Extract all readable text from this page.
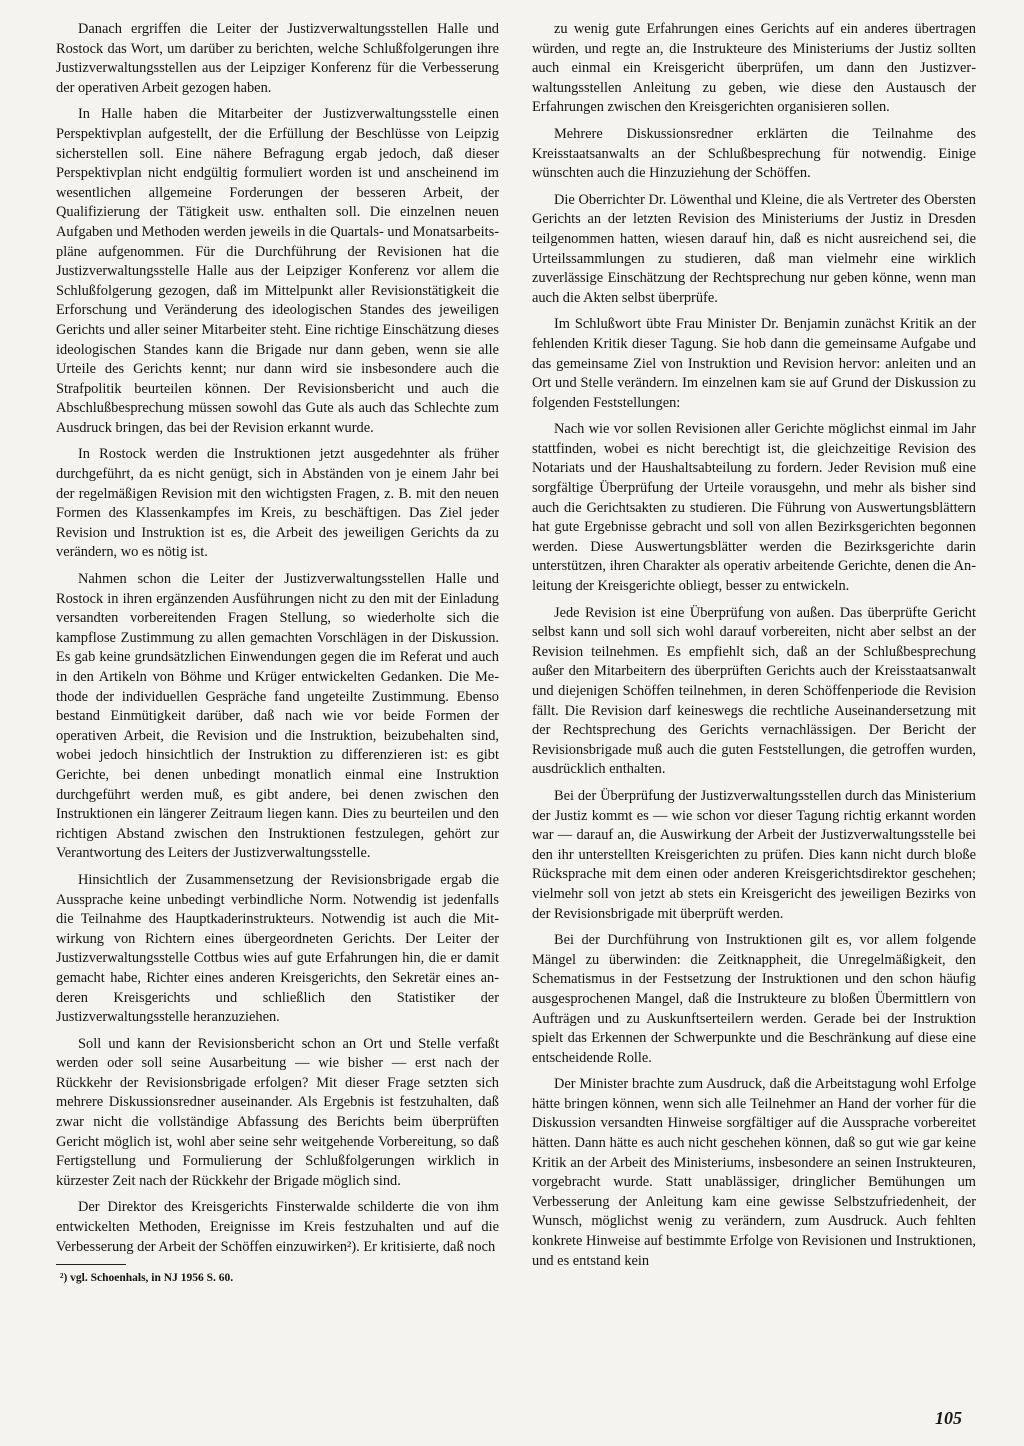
Danach ergriffen die Leiter der Justizverwaltungsstellen Halle und Rostock das Wort, um darüber zu berichten, welche Schlußfolgerungen ihre Justizverwaltungsstellen aus der Leipziger Konferenz für die Verbesserung der operativen Arbeit gezogen haben.

In Halle haben die Mitarbeiter der Justizverwaltungsstelle einen Perspektivplan aufgestellt, der die Erfüllung der Beschlüsse von Leipzig sicherstellen soll. Eine nähere Befragung ergab jedoch, daß dieser Perspektivplan nicht endgültig formuliert worden ist und anscheinend im wesentlichen allgemeine Forderungen der besseren Arbeit, der Qualifizierung der Tätigkeit usw. enthalten soll. Die einzelnen neuen Aufgaben und Methoden werden jeweils in die Quartals- und Monatsarbeitspläne aufgenommen. Für die Durchführung der Revisionen hat die Justizverwaltungsstelle Halle aus der Leipziger Konferenz vor allem die Schlußfolgerung gezogen, daß im Mittelpunkt aller Revisionstätigkeit die Erforschung und Veränderung des ideologischen Standes des jeweiligen Gerichts und aller seiner Mitarbeiter steht. Eine richtige Einschätzung dieses ideologischen Standes kann die Brigade nur dann geben, wenn sie alle Urteile des Gerichts kennt; nur dann wird sie insbesondere auch die Strafpolitik beurteilen können. Der Revisionsbericht und auch die Abschlußbesprechung müssen sowohl das Gute als auch das Schlechte zum Ausdruck bringen, das bei der Revision erkannt wurde.

In Rostock werden die Instruktionen jetzt ausgedehnter als früher durchgeführt, da es nicht genügt, sich in Abständen von je einem Jahr bei der regelmäßigen Revision mit den wichtigsten Fragen, z. B. mit den neuen Formen des Klassenkampfes im Kreis, zu beschäftigen. Das Ziel jeder Revision und Instruktion ist es, die Arbeit des jeweiligen Gerichts da zu verändern, wo es nötig ist.

Nahmen schon die Leiter der Justizverwaltungsstellen Halle und Rostock in ihren ergänzenden Ausführungen nicht zu den mit der Einladung versandten vorbereitenden Fragen Stellung, so wiederholte sich die kampflose Zustimmung zu allen gemachten Vorschlägen in der Diskussion. Es gab keine grundsätzlichen Einwendungen gegen die im Referat und auch in den Artikeln von Böhme und Krüger entwickelten Gedanken. Die Methode der individuellen Gespräche fand ungeteilte Zustimmung. Ebenso bestand Einmütigkeit darüber, daß nach wie vor beide Formen der operativen Arbeit, die Revision und die Instruktion, beizubehalten sind, wobei jedoch hinsichtlich der Instruktion zu differenzieren ist: es gibt Gerichte, bei denen unbedingt monatlich einmal eine Instruktion durchgeführt werden muß, es gibt andere, bei denen zwischen den Instruktionen ein längerer Zeitraum liegen kann. Dies zu beurteilen und den richtigen Abstand zwischen den Instruktionen festzulegen, gehört zur Verantwortung des Leiters der Justizverwaltungsstelle.

Hinsichtlich der Zusammensetzung der Revisionsbrigade ergab die Aussprache keine unbedingt verbindliche Norm. Notwendig ist jedenfalls die Teilnahme des Hauptkaderinstrukteurs. Notwendig ist auch die Mitwirkung von Richtern eines übergeordneten Gerichts. Der Leiter der Justizverwaltungsstelle Cottbus wies auf gute Erfahrungen hin, die er damit gemacht habe, Richter eines anderen Kreisgerichts, den Sekretär eines anderen Kreisgerichts und schließlich den Statistiker der Justizverwaltungsstelle heranzuziehen.

Soll und kann der Revisionsbericht schon an Ort und Stelle verfaßt werden oder soll seine Ausarbeitung — wie bisher — erst nach der Rückkehr der Revisionsbrigade erfolgen? Mit dieser Frage setzten sich mehrere Diskussionsredner auseinander. Als Ergebnis ist festzuhalten, daß zwar nicht die vollständige Abfassung des Berichts beim überprüften Gericht möglich ist, wohl aber seine sehr weitgehende Vorbereitung, so daß Fertigstellung und Formulierung der Schlußfolgerungen wirklich in kürzester Zeit nach der Rückkehr der Brigade möglich sind.

Der Direktor des Kreisgerichts Finsterwalde schilderte die von ihm entwickelten Methoden, Ereignisse im Kreis festzuhalten und auf die Verbesserung der Arbeit der Schöffen einzuwirken²). Er kritisierte, daß noch

²) vgl. Schoenhals, in NJ 1956 S. 60.

zu wenig gute Erfahrungen eines Gerichts auf ein anderes übertragen würden, und regte an, die Instrukteure des Ministeriums der Justiz sollten auch einmal ein Kreisgericht überprüfen, um dann den Justizverwaltungsstellen Anleitung zu geben, wie diese den Austausch der Erfahrungen zwischen den Kreisgerichten organisieren sollen.

Mehrere Diskussionsredner erklärten die Teilnahme des Kreisstaatsanwalts an der Schlußbesprechung für notwendig. Einige wünschten auch die Hinzuziehung der Schöffen.

Die Oberrichter Dr. Löwenthal und Kleine, die als Vertreter des Obersten Gerichts an der letzten Revision des Ministeriums der Justiz in Dresden teilgenommen hatten, wiesen darauf hin, daß es nicht ausreichend sei, die Urteilssammlungen zu studieren, daß man vielmehr eine wirklich zuverlässige Einschätzung der Rechtsprechung nur geben könne, wenn man auch die Akten selbst überprüfe.

Im Schlußwort übte Frau Minister Dr. Benjamin zunächst Kritik an der fehlenden Kritik dieser Tagung. Sie hob dann die gemeinsame Aufgabe und das gemeinsame Ziel von Instruktion und Revision hervor: anleiten und an Ort und Stelle verändern. Im einzelnen kam sie auf Grund der Diskussion zu folgenden Feststellungen:

Nach wie vor sollen Revisionen aller Gerichte möglichst einmal im Jahr stattfinden, wobei es nicht berechtigt ist, die gleichzeitige Revision des Notariats und der Haushaltsabteilung zu fordern. Jeder Revision muß eine sorgfältige Überprüfung der Urteile vorausgehn, und mehr als bisher sind auch die Gerichtsakten zu studieren. Die Führung von Auswertungsblättern hat gute Ergebnisse gebracht und soll von allen Bezirksgerichten begonnen werden. Diese Auswertungsblätter werden die Bezirksgerichte darin unterstützen, ihren Charakter als operativ arbeitende Gerichte, denen die Anleitung der Kreisgerichte obliegt, besser zu entwickeln.

Jede Revision ist eine Überprüfung von außen. Das überprüfte Gericht selbst kann und soll sich wohl darauf vorbereiten, nicht aber selbst an der Revision teilnehmen. Es empfiehlt sich, daß an der Schlußbesprechung außer den Mitarbeitern des überprüften Gerichts auch der Kreisstaatsanwalt und diejenigen Schöffen teilnehmen, in deren Schöffenperiode die Revision fällt. Die Revision darf keineswegs die rechtliche Auseinandersetzung mit der Rechtsprechung des Gerichts vernachlässigen. Der Bericht der Revisionsbrigade muß auch die guten Feststellungen, die getroffen wurden, ausdrücklich enthalten.

Bei der Überprüfung der Justizverwaltungsstellen durch das Ministerium der Justiz kommt es — wie schon vor dieser Tagung richtig erkannt worden war — darauf an, die Auswirkung der Arbeit der Justizverwaltungsstelle bei den ihr unterstellten Kreisgerichten zu prüfen. Dies kann nicht durch bloße Rücksprache mit dem einen oder anderen Kreisgerichtsdirektor geschehen; vielmehr soll von jetzt ab stets ein Kreisgericht des jeweiligen Bezirks von der Revisionsbrigade mit überprüft werden.

Bei der Durchführung von Instruktionen gilt es, vor allem folgende Mängel zu überwinden: die Zeitknappheit, die Unregelmäßigkeit, den Schematismus in der Festsetzung der Instruktionen und den schon häufig ausgesprochenen Mangel, daß die Instrukteure zu bloßen Übermittlern von Aufträgen und zu Auskunftserteilern werden. Gerade bei der Instruktion spielt das Erkennen der Schwerpunkte und die Beschränkung auf diese eine entscheidende Rolle.

Der Minister brachte zum Ausdruck, daß die Arbeitstagung wohl Erfolge hätte bringen können, wenn sich alle Teilnehmer an Hand der vorher für die Diskussion versandten Hinweise sorgfältiger auf die Aussprache vorbereitet hätten. Dann hätte es auch nicht geschehen können, daß so gut wie gar keine Kritik an der Arbeit des Ministeriums, insbesondere an seinen Instrukteuren, vorgebracht wurde. Statt unablässiger, dringlicher Bemühungen um Verbesserung der Anleitung kam eine gewisse Selbstzufriedenheit, der Wunsch, möglichst wenig zu verändern, zum Ausdruck. Auch fehlten konkrete Hinweise auf bestimmte Erfolge von Revisionen und Instruktionen, und es entstand kein

105
